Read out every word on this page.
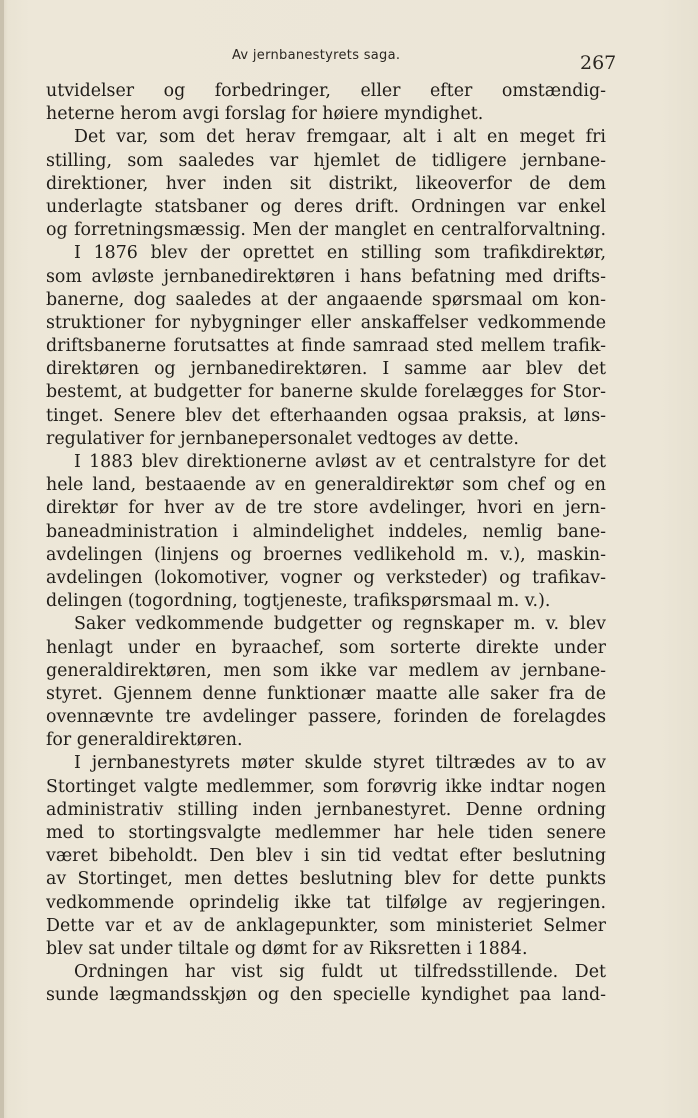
Av jernbanestyrets saga.	267
utvidelser og forbedringer, eller efter omstændig-
heterne herom avgi forslag for høiere myndighet.
Det var, som det herav fremgaar, alt i alt en meget fri
stilling, som saaledes var hjemlet de tidligere jernbane-
direktioner, hver inden sit distrikt, likeoverfor de dem
underlagte statsbaner og deres drift. Ordningen var enkel
og forretningsmæssig. Men der manglet en centralforvaltning.
I 1876 blev der oprettet en stilling som trafikdirektør,
som avløste jernbanedirektøren i hans befatning med drifts-
banerne, dog saaledes at der angaaende spørsmaal om kon-
struktioner for nybygninger eller anskaffelser vedkommende
driftsbanerne forutsattes at finde samraad sted mellem trafik-
direktøren og jernbanedirektøren. I samme aar blev det
bestemt, at budgetter for banerne skulde forelægges for Stor-
tinget. Senere blev det efterhaanden ogsaa praksis, at løns-
regulativer for jernbanepersonalet vedtoges av dette.
I 1883 blev direktionerne avløst av et centralstyre for det
hele land, bestaaende av en generaldirektør som chef og en
direktør for hver av de tre store avdelinger, hvori en jern-
baneadministration i almindelighet inddeles, nemlig bane-
avdelingen (linjens og broernes vedlikehold m. v.), maskin-
avdelingen (lokomotiver, vogner og verksteder) og trafikav-
delingen (togordning, togtjeneste, trafikspørsmaal m. v.).
Saker vedkommende budgetter og regnskaper m. v. blev
henlagt under en byraachef, som sorterte direkte under
generaldirektøren, men som ikke var medlem av jernbane-
styret. Gjennem denne funktionær maatte alle saker fra de
ovennævnte tre avdelinger passere, forinden de forelagdes
for generaldirektøren.
I jernbanestyrets møter skulde styret tiltrædes av to av
Stortinget valgte medlemmer, som forøvrig ikke indtar nogen
administrativ stilling inden jernbanestyret. Denne ordning
med to stortingsvalgte medlemmer har hele tiden senere
været bibeholdt. Den blev i sin tid vedtat efter beslutning
av Stortinget, men dettes beslutning blev for dette punkts
vedkommende oprindelig ikke tat tilfølge av regjeringen.
Dette var et av de anklagepunkter, som ministeriet Selmer
blev sat under tiltale og dømt for av Riksretten i 1884.
Ordningen har vist sig fuldt ut tilfredsstillende. Det
sunde lægmandsskjøn og den specielle kyndighet paa land-
